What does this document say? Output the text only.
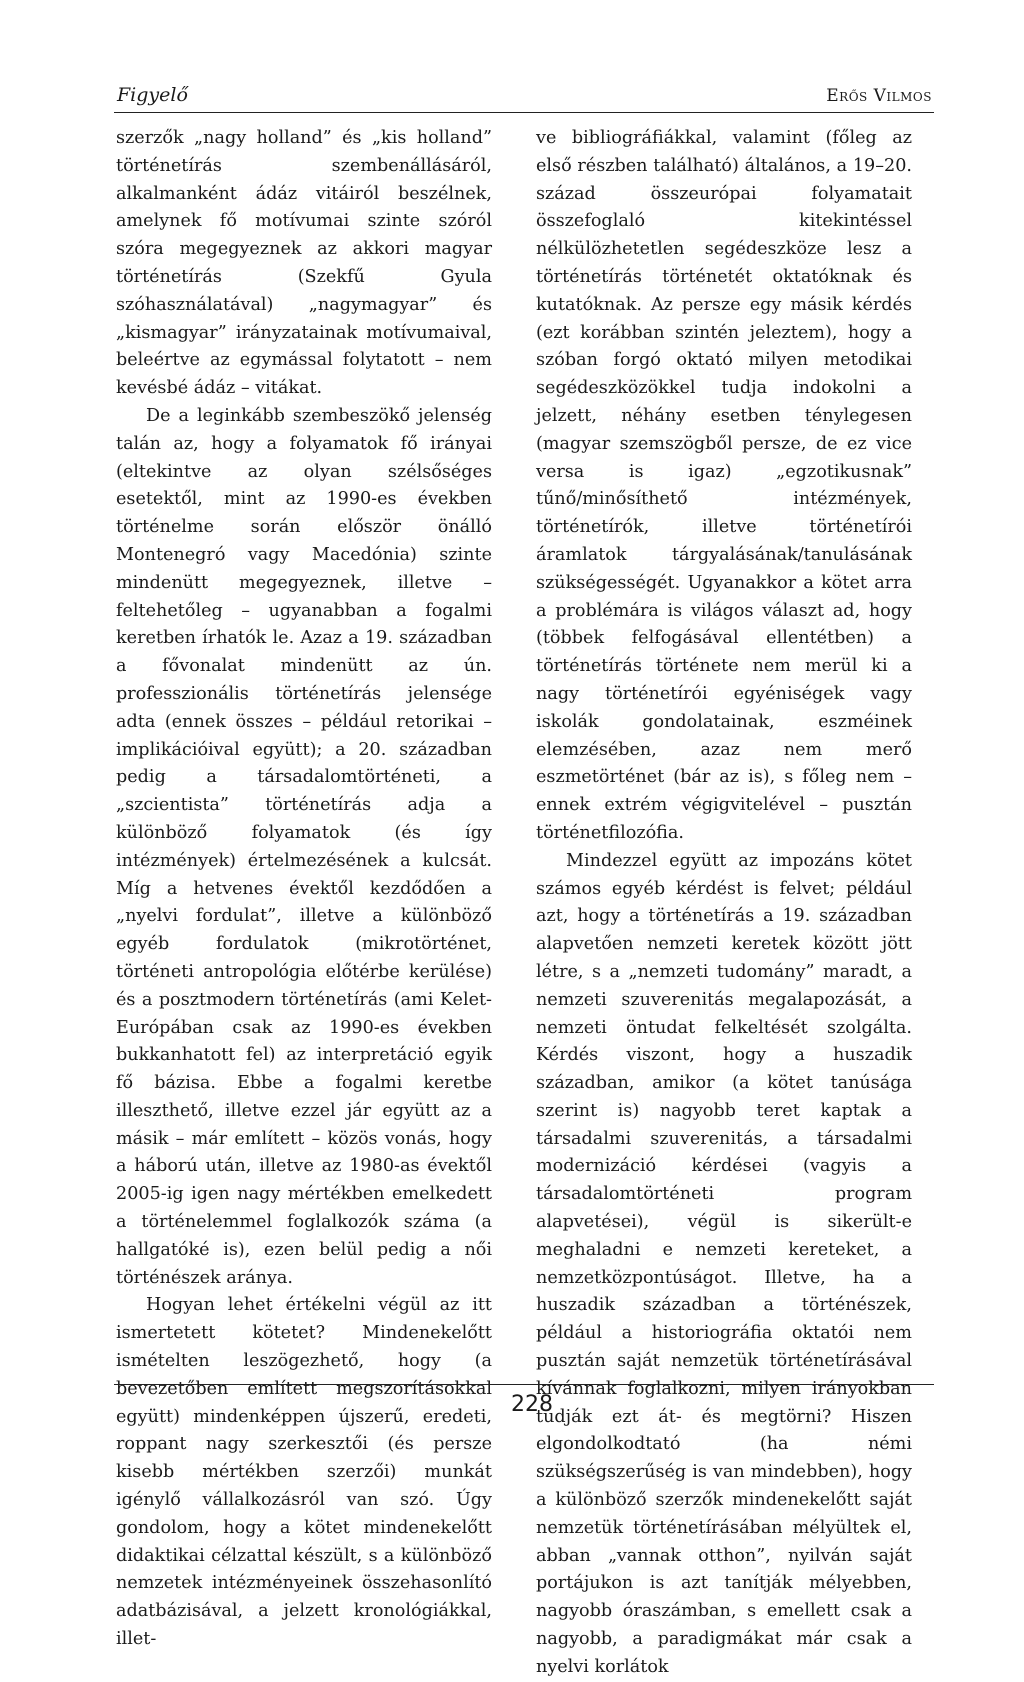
Figyelő	Erős Vilmos

szerzők „nagy holland” és „kis holland” történetírás szembenállásáról, alkalmanként ádáz vitáiról beszélnek, amelynek fő motívumai szinte szóról szóra megegyeznek az akkori magyar történetírás (Szekfű Gyula szóhasználatával) „nagymagyar” és „kismagyar” irányzatainak motívumaival, beleértve az egymással folytatott – nem kevésbé ádáz – vitákat.

De a leginkább szembeszökő jelenség talán az, hogy a folyamatok fő irányai (eltekintve az olyan szélsőséges esetektől, mint az 1990-es években történelme során először önálló Montenegró vagy Macedónia) szinte mindenütt megegyeznek, illetve – feltehetőleg – ugyanabban a fogalmi keretben írhatók le. Azaz a 19. században a fővonalat mindenütt az ún. professzionális történetírás jelensége adta (ennek összes – például retorikai – implikációival együtt); a 20. században pedig a társadalomtörténeti, a „szcientista” történetírás adja a különböző folyamatok (és így intézmények) értelmezésének a kulcsát. Míg a hetvenes évektől kezdődően a „nyelvi fordulat”, illetve a különböző egyéb fordulatok (mikrotörténet, történeti antropológia előtérbe kerülése) és a posztmodern történetírás (ami Kelet-Európában csak az 1990-es években bukkanhatott fel) az interpretáció egyik fő bázisa. Ebbe a fogalmi keretbe illeszthető, illetve ezzel jár együtt az a másik – már említett – közös vonás, hogy a háború után, illetve az 1980-as évektől 2005-ig igen nagy mértékben emelkedett a történelemmel foglalkozók száma (a hallgatóké is), ezen belül pedig a női történészek aránya.

Hogyan lehet értékelni végül az itt ismertetett kötetet? Mindenekelőtt ismételten leszögezhető, hogy (a bevezetőben említett megszorításokkal együtt) mindenképpen újszerű, eredeti, roppant nagy szerkesztői (és persze kisebb mértékben szerzői) munkát igénylő vállalkozásról van szó. Úgy gondolom, hogy a kötet mindenekelőtt didaktikai célzattal készült, s a különböző nemzetek intézményeinek összehasonlító adatbázisával, a jelzett kronológiákkal, illet-

ve bibliográfiákkal, valamint (főleg az első részben található) általános, a 19–20. század összeurópai folyamatait összefoglaló kitekintéssel nélkülözhetetlen segédeszköze lesz a történetírás történetét oktatóknak és kutatóknak. Az persze egy másik kérdés (ezt korábban szintén jeleztem), hogy a szóban forgó oktató milyen metodikai segédeszközökkel tudja indokolni a jelzett, néhány esetben ténylegesen (magyar szemszögből persze, de ez vice versa is igaz) „egzotikusnak” tűnő/minősíthető intézmények, történetírók, illetve történetírói áramlatok tárgyalásának/tanulásának szükségességét. Ugyanakkor a kötet arra a problémára is világos választ ad, hogy (többek felfogásával ellentétben) a történetírás története nem merül ki a nagy történetírói egyéniségek vagy iskolák gondolatainak, eszméinek elemzésében, azaz nem merő eszmetörténet (bár az is), s főleg nem – ennek extrém végigvitelével – pusztán történetfilozófia.

Mindezzel együtt az impozáns kötet számos egyéb kérdést is felvet; például azt, hogy a történetírás a 19. században alapvetően nemzeti keretek között jött létre, s a „nemzeti tudomány” maradt, a nemzeti szuverenitás megalapozását, a nemzeti öntudat felkeltését szolgálta. Kérdés viszont, hogy a huszadik században, amikor (a kötet tanúsága szerint is) nagyobb teret kaptak a társadalmi szuverenitás, a társadalmi modernizáció kérdései (vagyis a társadalomtörténeti program alapvetései), végül is sikerült-e meghaladni e nemzeti kereteket, a nemzetközpontúságot. Illetve, ha a huszadik században a történészek, például a historiográfia oktatói nem pusztán saját nemzetük történetírásával kívánnak foglalkozni, milyen irányokban tudják ezt át- és megtörni? Hiszen elgondolkodtató (ha némi szükségszerűség is van mindebben), hogy a különböző szerzők mindenekelőtt saját nemzetük történetírásában mélyültek el, abban „vannak otthon”, nyilván saját portájukon is azt tanítják mélyebben, nagyobb óraszámban, s emellett csak a nagyobb, a paradigmákat már csak a nyelvi korlátok

228
